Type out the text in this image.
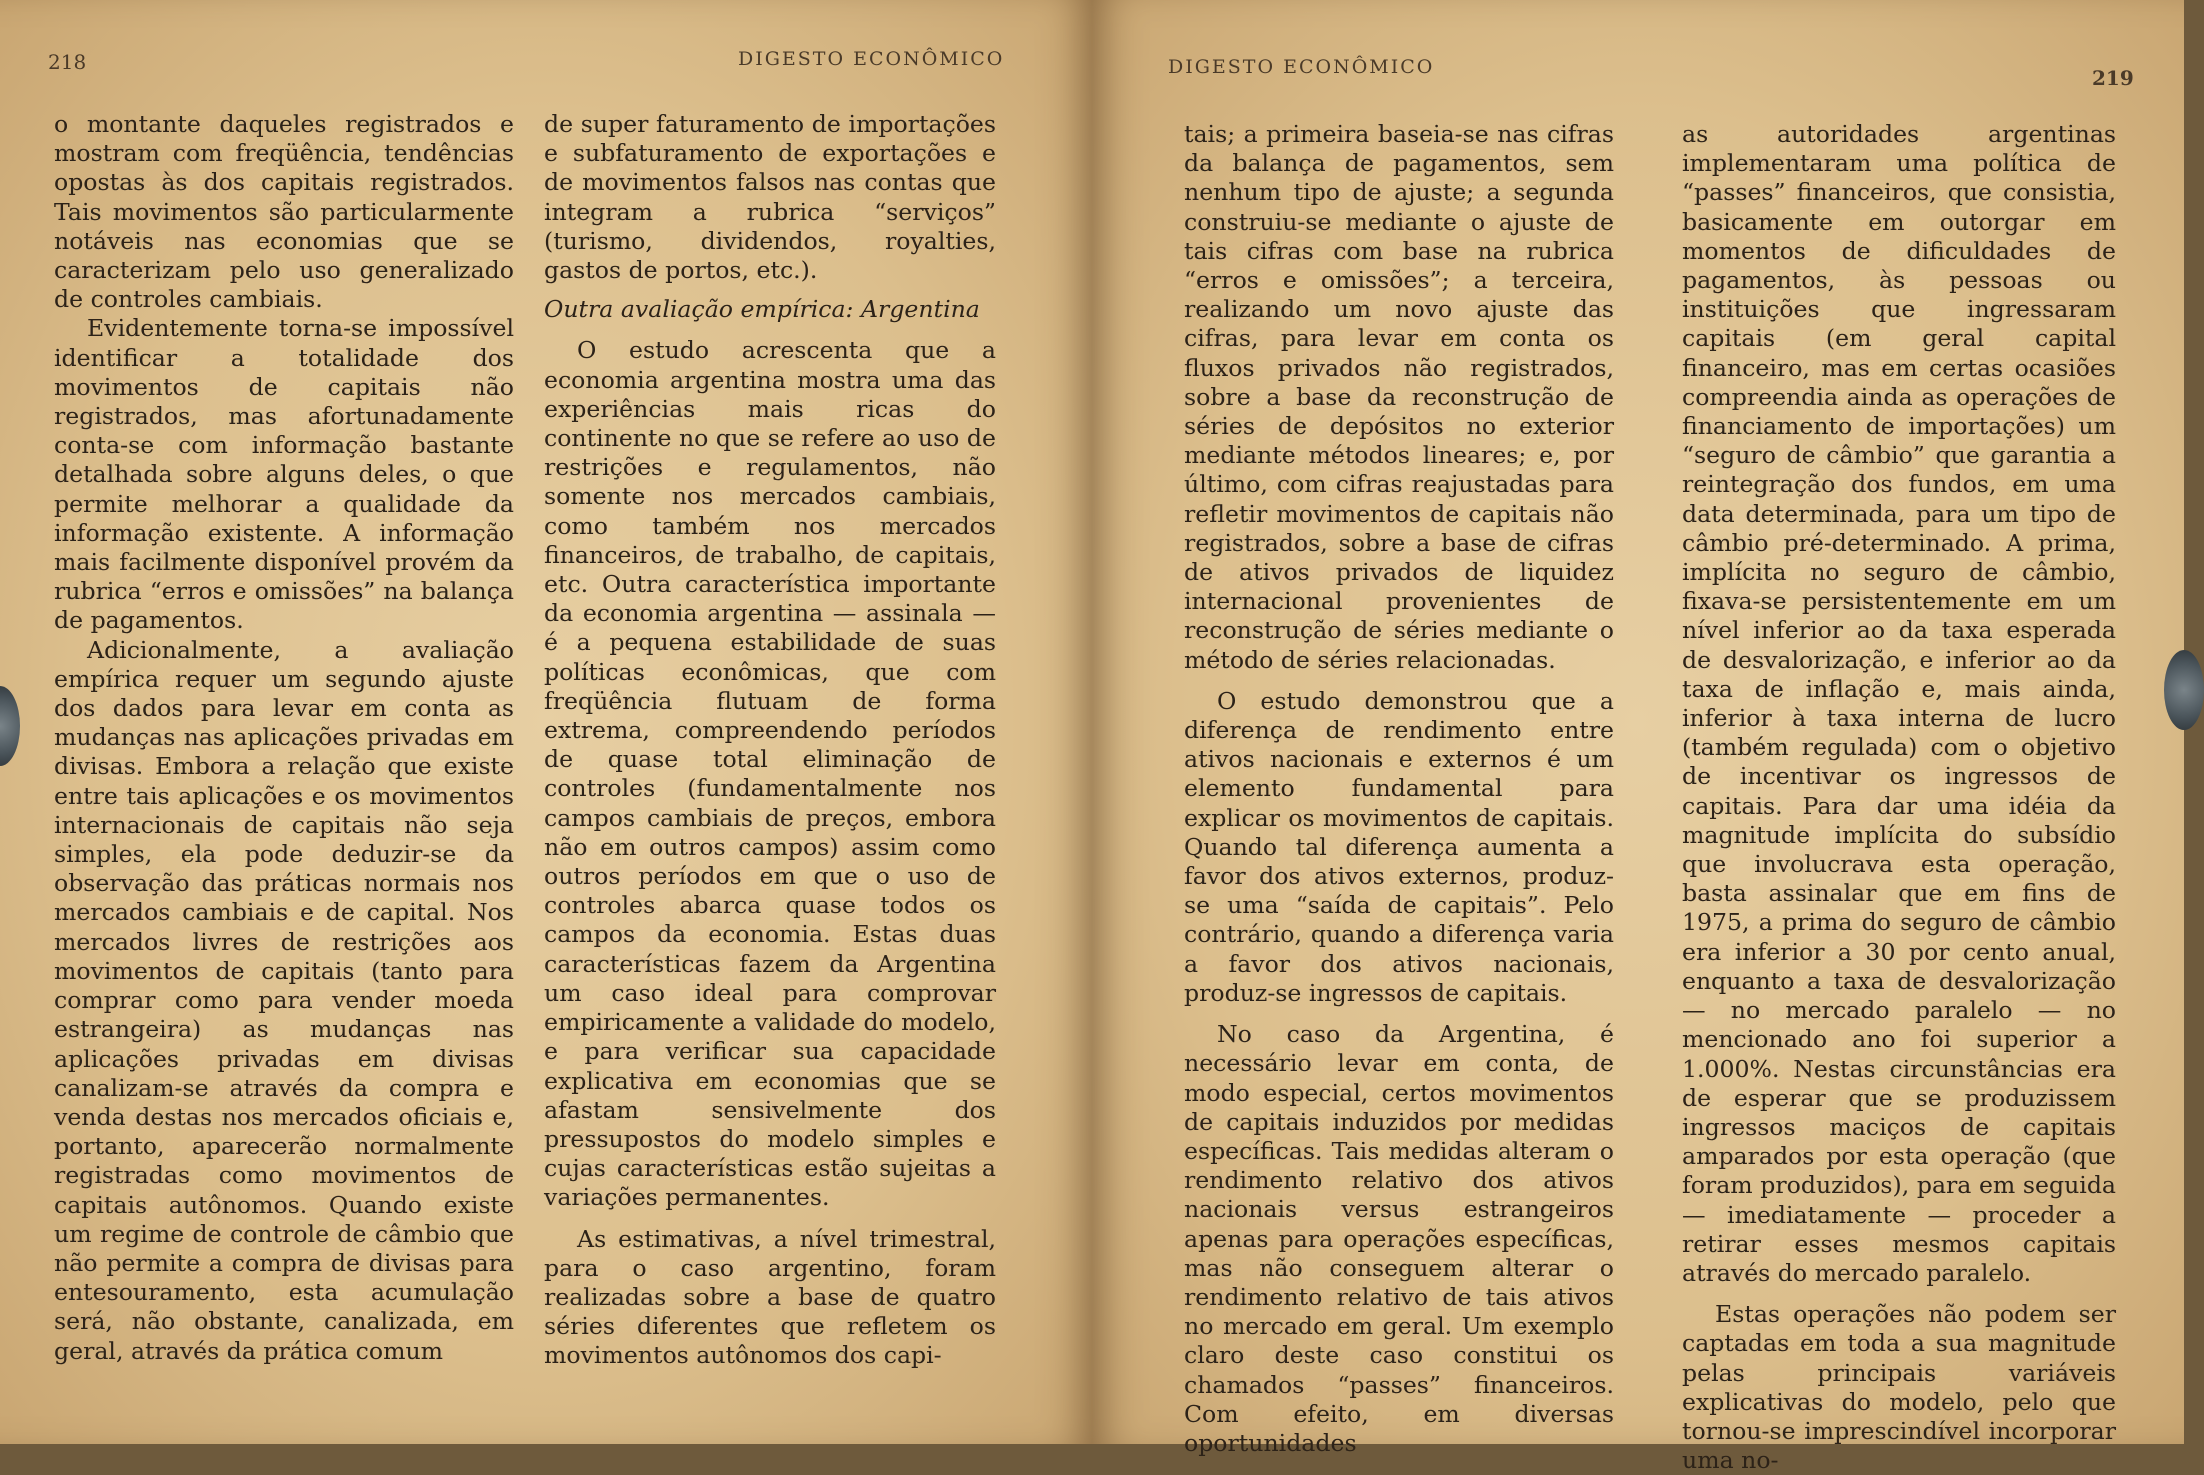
218	DIGESTO ECONÔMICO

o montante daqueles registrados e mostram com freqüência, tendências opostas às dos capitais registrados. Tais movimentos são particularmente notáveis nas economias que se caracterizam pelo uso generalizado de controles cambiais.

Evidentemente torna-se impossível identificar a totalidade dos movimentos de capitais não registrados, mas afortunadamente conta-se com informação bastante detalhada sobre alguns deles, o que permite melhorar a qualidade da informação existente. A informação mais facilmente disponível provém da rubrica “erros e omissões” na balança de pagamentos.

Adicionalmente, a avaliação empírica requer um segundo ajuste dos dados para levar em conta as mudanças nas aplicações privadas em divisas. Embora a relação que existe entre tais aplicações e os movimentos internacionais de capitais não seja simples, ela pode deduzir-se da observação das práticas normais nos mercados cambiais e de capital. Nos mercados livres de restrições aos movimentos de capitais (tanto para comprar como para vender moeda estrangeira) as mudanças nas aplicações privadas em divisas canalizam-se através da compra e venda destas nos mercados oficiais e, portanto, aparecerão normalmente registradas como movimentos de capitais autônomos. Quando existe um regime de controle de câmbio que não permite a compra de divisas para entesouramento, esta acumulação será, não obstante, canalizada, em geral, através da prática comum

de super faturamento de importações e subfaturamento de exportações e de movimentos falsos nas contas que integram a rubrica “serviços” (turismo, dividendos, royalties, gastos de portos, etc.).

Outra avaliação empírica: Argentina

O estudo acrescenta que a economia argentina mostra uma das experiências mais ricas do continente no que se refere ao uso de restrições e regulamentos, não somente nos mercados cambiais, como também nos mercados financeiros, de trabalho, de capitais, etc. Outra característica importante da economia argentina — assinala — é a pequena estabilidade de suas políticas econômicas, que com freqüência flutuam de forma extrema, compreendendo períodos de quase total eliminação de controles (fundamentalmente nos campos cambiais de preços, embora não em outros campos) assim como outros períodos em que o uso de controles abarca quase todos os campos da economia. Estas duas características fazem da Argentina um caso ideal para comprovar empiricamente a validade do modelo, e para verificar sua capacidade explicativa em economias que se afastam sensivelmente dos pressupostos do modelo simples e cujas características estão sujeitas a variações permanentes.

As estimativas, a nível trimestral, para o caso argentino, foram realizadas sobre a base de quatro séries diferentes que refletem os movimentos autônomos dos capi-

DIGESTO ECONÔMICO	219

tais; a primeira baseia-se nas cifras da balança de pagamentos, sem nenhum tipo de ajuste; a segunda construiu-se mediante o ajuste de tais cifras com base na rubrica “erros e omissões”; a terceira, realizando um novo ajuste das cifras, para levar em conta os fluxos privados não registrados, sobre a base da reconstrução de séries de depósitos no exterior mediante métodos lineares; e, por último, com cifras reajustadas para refletir movimentos de capitais não registrados, sobre a base de cifras de ativos privados de liquidez internacional provenientes de reconstrução de séries mediante o método de séries relacionadas.

O estudo demonstrou que a diferença de rendimento entre ativos nacionais e externos é um elemento fundamental para explicar os movimentos de capitais. Quando tal diferença aumenta a favor dos ativos externos, produz-se uma “saída de capitais”. Pelo contrário, quando a diferença varia a favor dos ativos nacionais, produz-se ingressos de capitais.

No caso da Argentina, é necessário levar em conta, de modo especial, certos movimentos de capitais induzidos por medidas específicas. Tais medidas alteram o rendimento relativo dos ativos nacionais versus estrangeiros apenas para operações específicas, mas não conseguem alterar o rendimento relativo de tais ativos no mercado em geral. Um exemplo claro deste caso constitui os chamados “passes” financeiros. Com efeito, em diversas oportunidades

as autoridades argentinas implementaram uma política de “passes” financeiros, que consistia, basicamente em outorgar em momentos de dificuldades de pagamentos, às pessoas ou instituições que ingressaram capitais (em geral capital financeiro, mas em certas ocasiões compreendia ainda as operações de financiamento de importações) um “seguro de câmbio” que garantia a reintegração dos fundos, em uma data determinada, para um tipo de câmbio pré-determinado. A prima, implícita no seguro de câmbio, fixava-se persistentemente em um nível inferior ao da taxa esperada de desvalorização, e inferior ao da taxa de inflação e, mais ainda, inferior à taxa interna de lucro (também regulada) com o objetivo de incentivar os ingressos de capitais. Para dar uma idéia da magnitude implícita do subsídio que involucrava esta operação, basta assinalar que em fins de 1975, a prima do seguro de câmbio era inferior a 30 por cento anual, enquanto a taxa de desvalorização — no mercado paralelo — no mencionado ano foi superior a 1.000%. Nestas circunstâncias era de esperar que se produzissem ingressos maciços de capitais amparados por esta operação (que foram produzidos), para em seguida — imediatamente — proceder a retirar esses mesmos capitais através do mercado paralelo.

Estas operações não podem ser captadas em toda a sua magnitude pelas principais variáveis explicativas do modelo, pelo que tornou-se imprescindível incorporar uma no-
